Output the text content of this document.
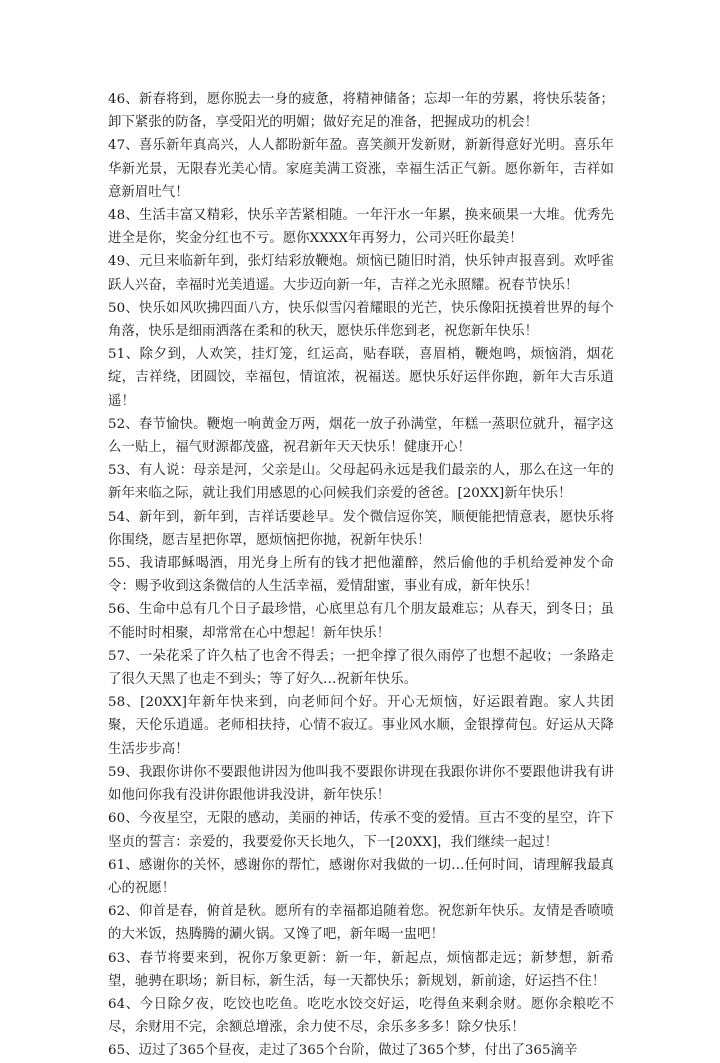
46、新春将到，愿你脱去一身的疲惫，将精神储备；忘却一年的劳累，将快乐装备；卸下紧张的防备，享受阳光的明媚；做好充足的准备，把握成功的机会！

47、喜乐新年真高兴，人人都盼新年盈。喜笑颜开发新财，新新得意好光明。喜乐年华新光景，无限春光美心情。家庭美满工资涨，幸福生活正气新。愿你新年，吉祥如意新眉吐气！

48、生活丰富又精彩，快乐辛苦紧相随。一年汗水一年累，换来硕果一大堆。优秀先进全是你，奖金分红也不亏。愿你XXXX年再努力，公司兴旺你最美！

49、元旦来临新年到，张灯结彩放鞭炮。烦恼已随旧时消，快乐钟声报喜到。欢呼雀跃人兴奋，幸福时光美逍遥。大步迈向新一年，吉祥之光永照耀。祝春节快乐！

50、快乐如风吹拂四面八方，快乐似雪闪着耀眼的光芒，快乐像阳抚摸着世界的每个角落，快乐是细雨洒落在柔和的秋天，愿快乐伴您到老，祝您新年快乐！

51、除夕到，人欢笑，挂灯笼，红运高，贴春联，喜眉梢，鞭炮鸣，烦恼消，烟花绽，吉祥绕，团圆饺，幸福包，情谊浓，祝福送。愿快乐好运伴你跑，新年大吉乐逍遥！

52、春节愉快。鞭炮一响黄金万两，烟花一放子孙满堂，年糕一蒸职位就升，福字这么一贴上，福气财源都茂盛，祝君新年天天快乐！健康开心！

53、有人说：母亲是河，父亲是山。父母起码永远是我们最亲的人，那么在这一年的新年来临之际，就让我们用感恩的心问候我们亲爱的爸爸。[20XX]新年快乐！

54、新年到，新年到，吉祥话要趁早。发个微信逗你笑，顺便能把情意表，愿快乐将你围绕，愿吉星把你罩，愿烦恼把你抛，祝新年快乐！

55、我请耶稣喝酒，用光身上所有的钱才把他灌醉，然后偷他的手机给爱神发个命令：赐予收到这条微信的人生活幸福，爱情甜蜜，事业有成，新年快乐！

56、生命中总有几个日子最珍惜，心底里总有几个朋友最难忘；从春天，到冬日；虽不能时时相聚，却常常在心中想起！新年快乐！

57、一朵花采了许久枯了也舍不得丢；一把伞撑了很久雨停了也想不起收；一条路走了很久天黑了也走不到头；等了好久…祝新年快乐。

58、[20XX]年新年快来到，向老师问个好。开心无烦恼，好运跟着跑。家人共团聚，天伦乐逍遥。老师相扶持，心情不寂辽。事业风水顺，金银撑荷包。好运从天降生活步步高！

59、我跟你讲你不要跟他讲因为他叫我不要跟你讲现在我跟你讲你不要跟他讲我有讲如他问你我有没讲你跟他讲我没讲，新年快乐！

60、今夜星空，无限的感动，美丽的神话，传承不变的爱情。亘古不变的星空，许下坚贞的誓言：亲爱的，我要爱你天长地久，下一[20XX]，我们继续一起过！

61、感谢你的关怀，感谢你的帮忙，感谢你对我做的一切…任何时间，请理解我最真心的祝愿！

62、仰首是春，俯首是秋。愿所有的幸福都追随着您。祝您新年快乐。友情是香喷喷的大米饭，热腾腾的涮火锅。又馋了吧，新年喝一盅吧！

63、春节将要来到，祝你万象更新：新一年，新起点，烦恼都走远；新梦想，新希望，驰骋在职场；新目标，新生活，每一天都快乐；新规划，新前途，好运挡不住！

64、今日除夕夜，吃饺也吃鱼。吃吃水饺交好运，吃得鱼来剩余财。愿你余粮吃不尽，余财用不完，余额总增涨，余力使不尽，余乐多多多！除夕快乐！

65、迈过了365个昼夜，走过了365个台阶，做过了365个梦，付出了365滴辛
